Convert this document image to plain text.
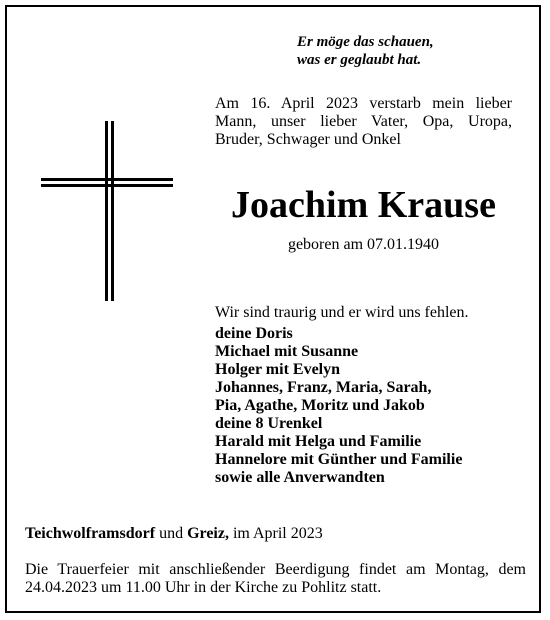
Er möge das schauen,
was er geglaubt hat.
Am 16. April 2023 verstarb mein lieber
Mann, unser lieber Vater, Opa, Uropa,
Bruder, Schwager und Onkel
Joachim Krause
geboren am 07.01.1940
Wir sind traurig und er wird uns fehlen.
deine Doris
Michael mit Susanne
Holger mit Evelyn
Johannes, Franz, Maria, Sarah,
Pia, Agathe, Moritz und Jakob
deine 8 Urenkel
Harald mit Helga und Familie
Hannelore mit Günther und Familie
sowie alle Anverwandten
Teichwolframsdorf und Greiz, im April 2023
Die Trauerfeier mit anschließender Beerdigung findet am Montag, dem
24.04.2023 um 11.00 Uhr in der Kirche zu Pohlitz statt.
